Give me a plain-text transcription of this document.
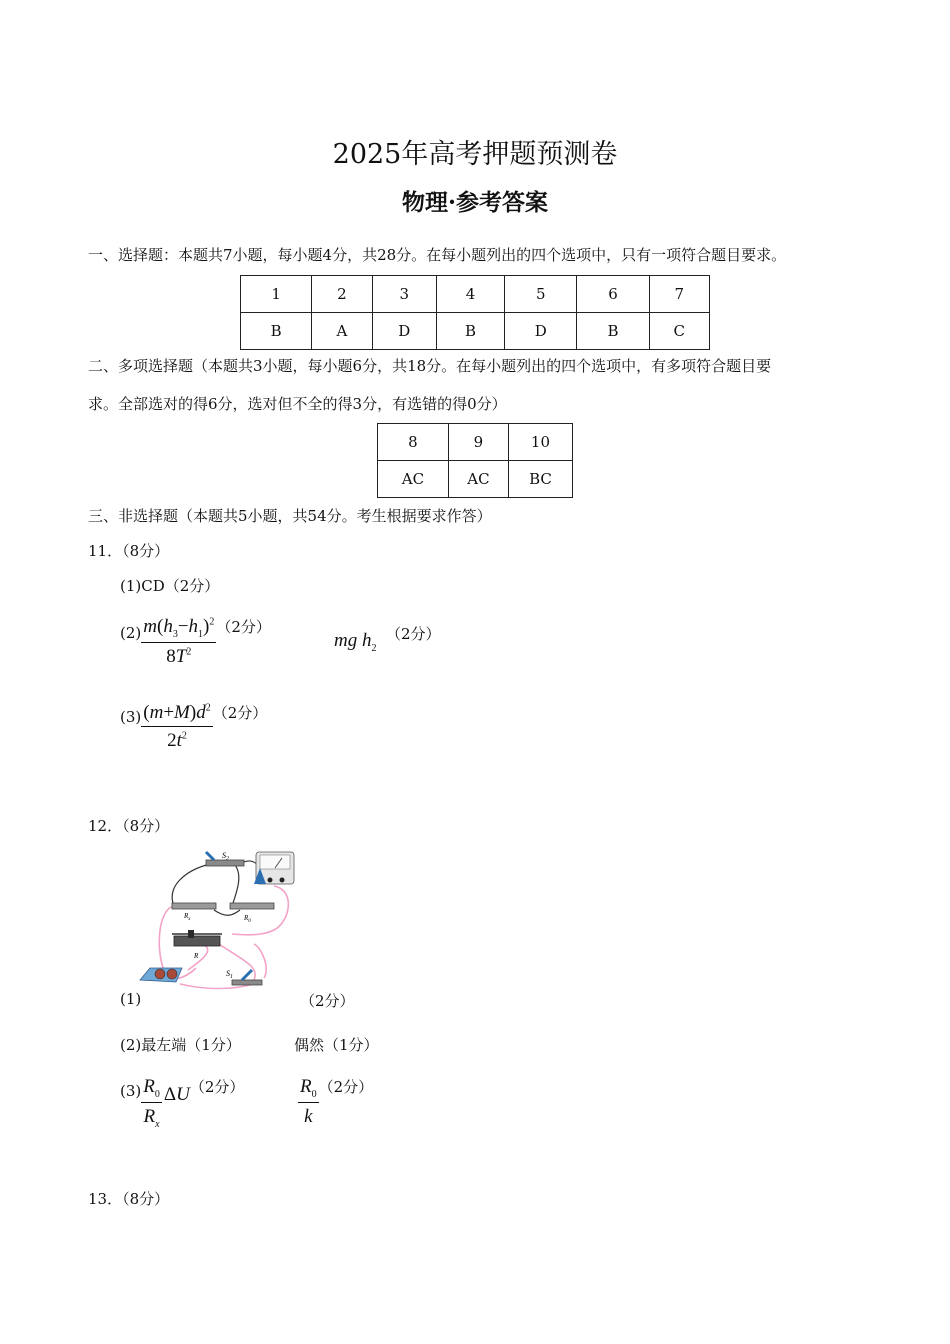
2025年高考押题预测卷
物理·参考答案
一、选择题：本题共7小题，每小题4分，共28分。在每小题列出的四个选项中，只有一项符合题目要求。
1	2	3	4	5	6	7
B	A	D	B	D	B	C
二、多项选择题（本题共3小题，每小题6分，共18分。在每小题列出的四个选项中，有多项符合题目要
求。全部选对的得6分，选对但不全的得3分，有选错的得0分）
8	9	10
AC	AC	BC
三、非选择题（本题共5小题，共54分。考生根据要求作答）
11．（8分）
(1)CD（2分）
$(2) \frac{m(h_3-h_1)^2}{8T^2} (2$分）
mg $h_2$
（2分）
$(3) \frac{(m+M)d^2}{2t^2} (2$分）
12．（8分）
$S_2$
$R_x$	$R_0$
R
$S_1$
(1)	（2分）
(2)最左端（1分）	偶然（1分）
$(3) \frac{R_0}{R_x}$ ΔU （2分）	$\frac{R_0}{k} (2$分）
13．（8分）
